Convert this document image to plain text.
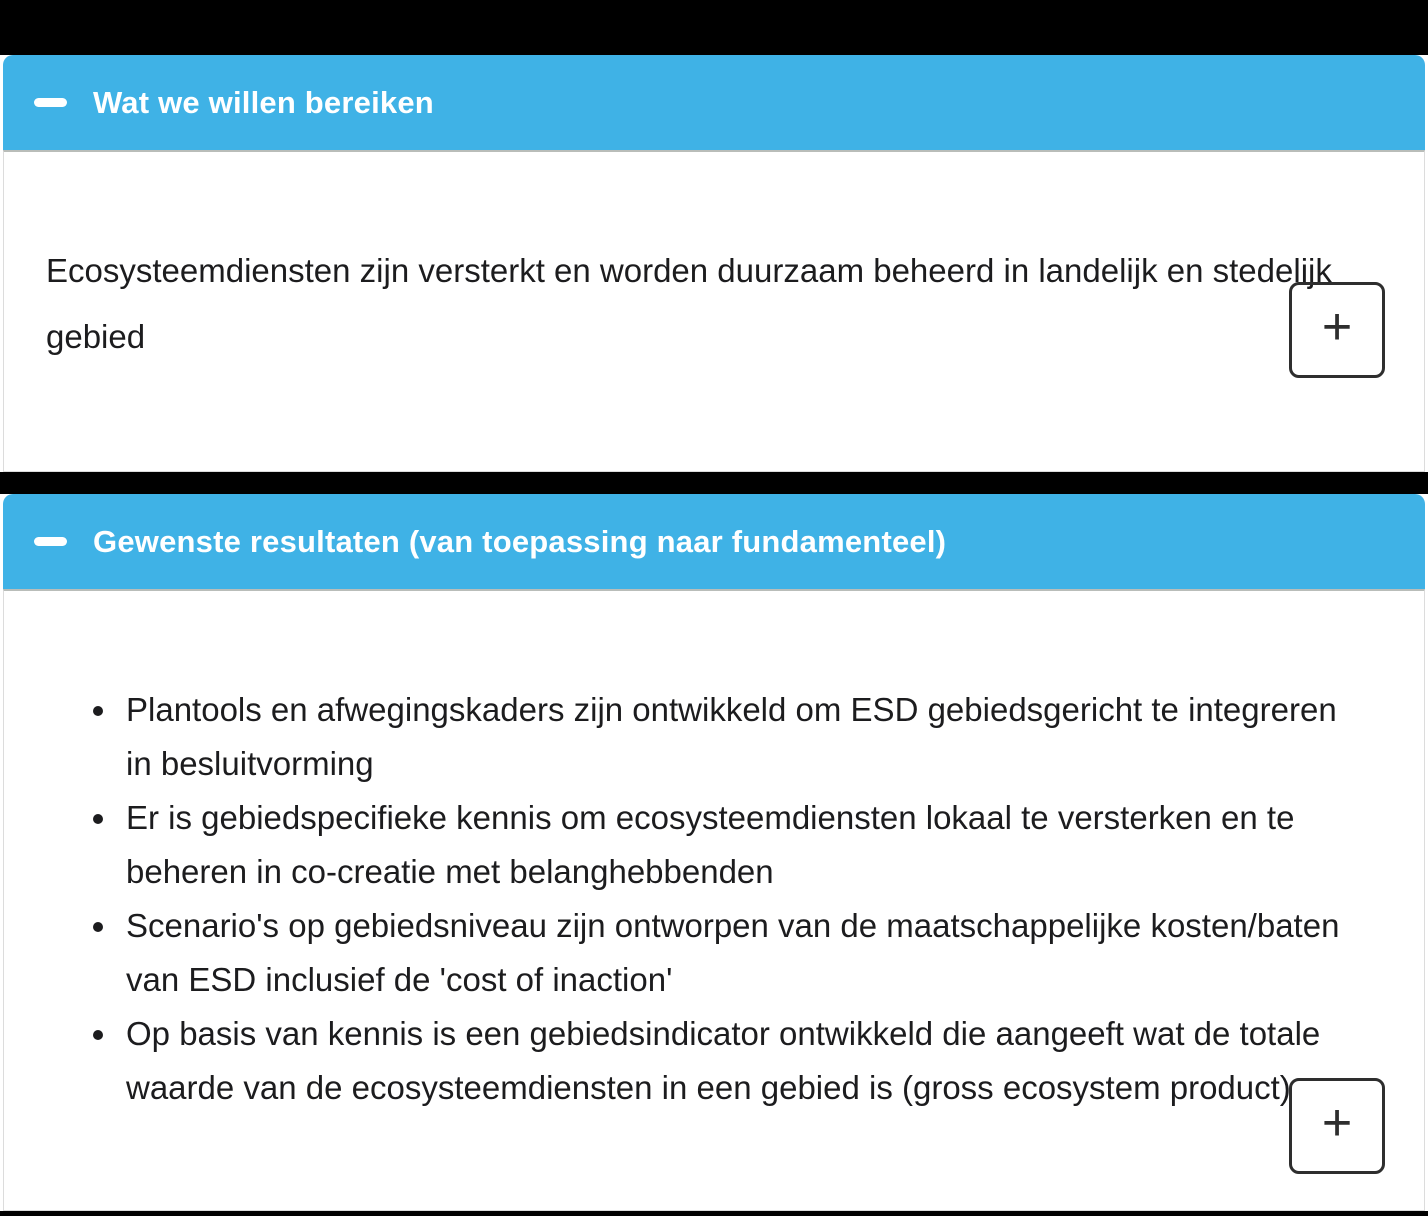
Wat we willen bereiken

Ecosysteemdiensten zijn versterkt en worden duurzaam beheerd in landelijk en stedelijk gebied	+
Gewenste resultaten (van toepassing naar fundamenteel)
Plantools en afwegingskaders zijn ontwikkeld om ESD gebiedsgericht te integreren in besluitvorming
Er is gebiedspecifieke kennis om ecosysteemdiensten lokaal te versterken en te beheren in co-creatie met belanghebbenden
Scenario's op gebiedsniveau zijn ontworpen van de maatschappelijke kosten/baten van ESD inclusief de 'cost of inaction'
Op basis van kennis is een gebiedsindicator ontwikkeld die aangeeft wat de totale waarde van de ecosysteemdiensten in een gebied is (gross ecosystem product)
+
